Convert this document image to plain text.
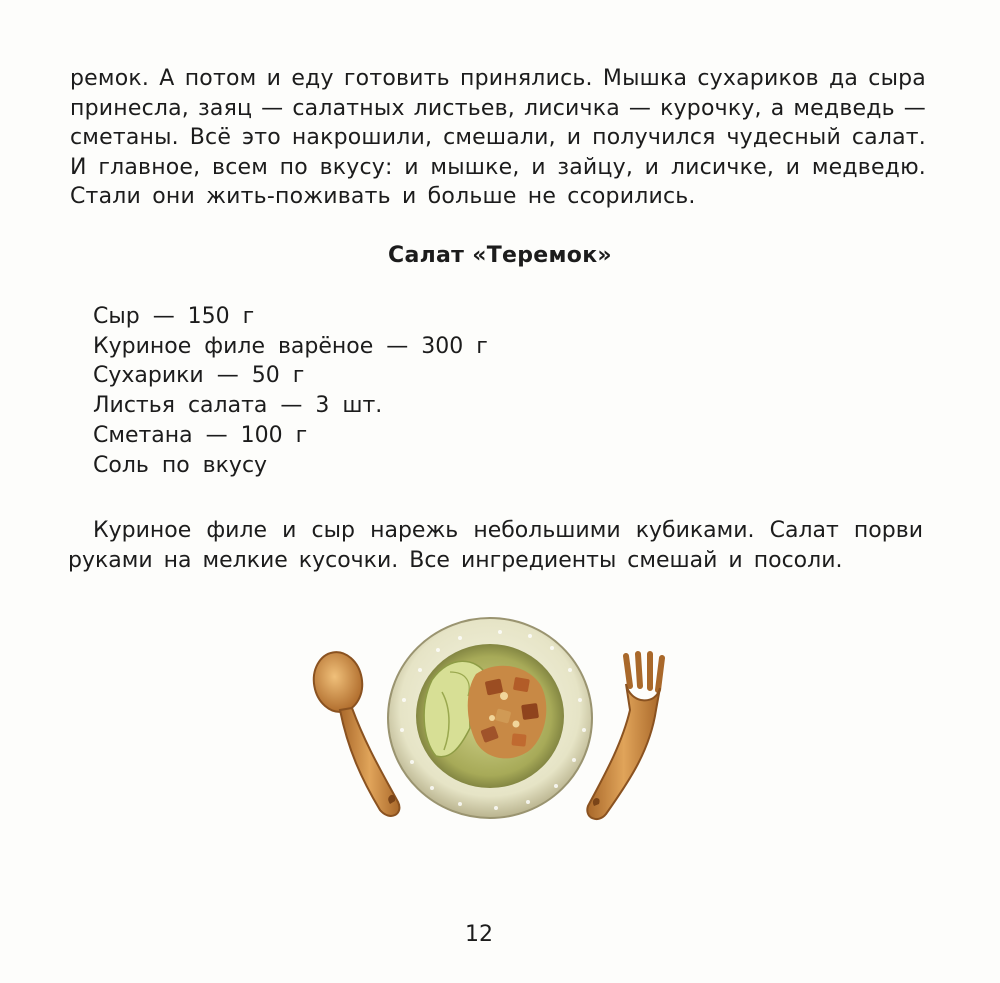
ремок. А потом и еду готовить принялись. Мышка сухариков да сыра
принесла, заяц — салатных листьев, лисичка — курочку, а медведь —
сметаны. Всё это накрошили, смешали, и получился чудесный салат.
И главное, всем по вкусу: и мышке, и зайцу, и лисичке, и медведю.
Стали они жить-поживать и больше не ссорились.
Салат «Теремок»
Сыр — 150 г
Куриное филе варёное — 300 г
Сухарики — 50 г
Листья салата — 3 шт.
Сметана — 100 г
Соль по вкусу
Куриное филе и сыр нарежь небольшими кубиками. Салат порви
руками на мелкие кусочки. Все ингредиенты смешай и посоли.
12
